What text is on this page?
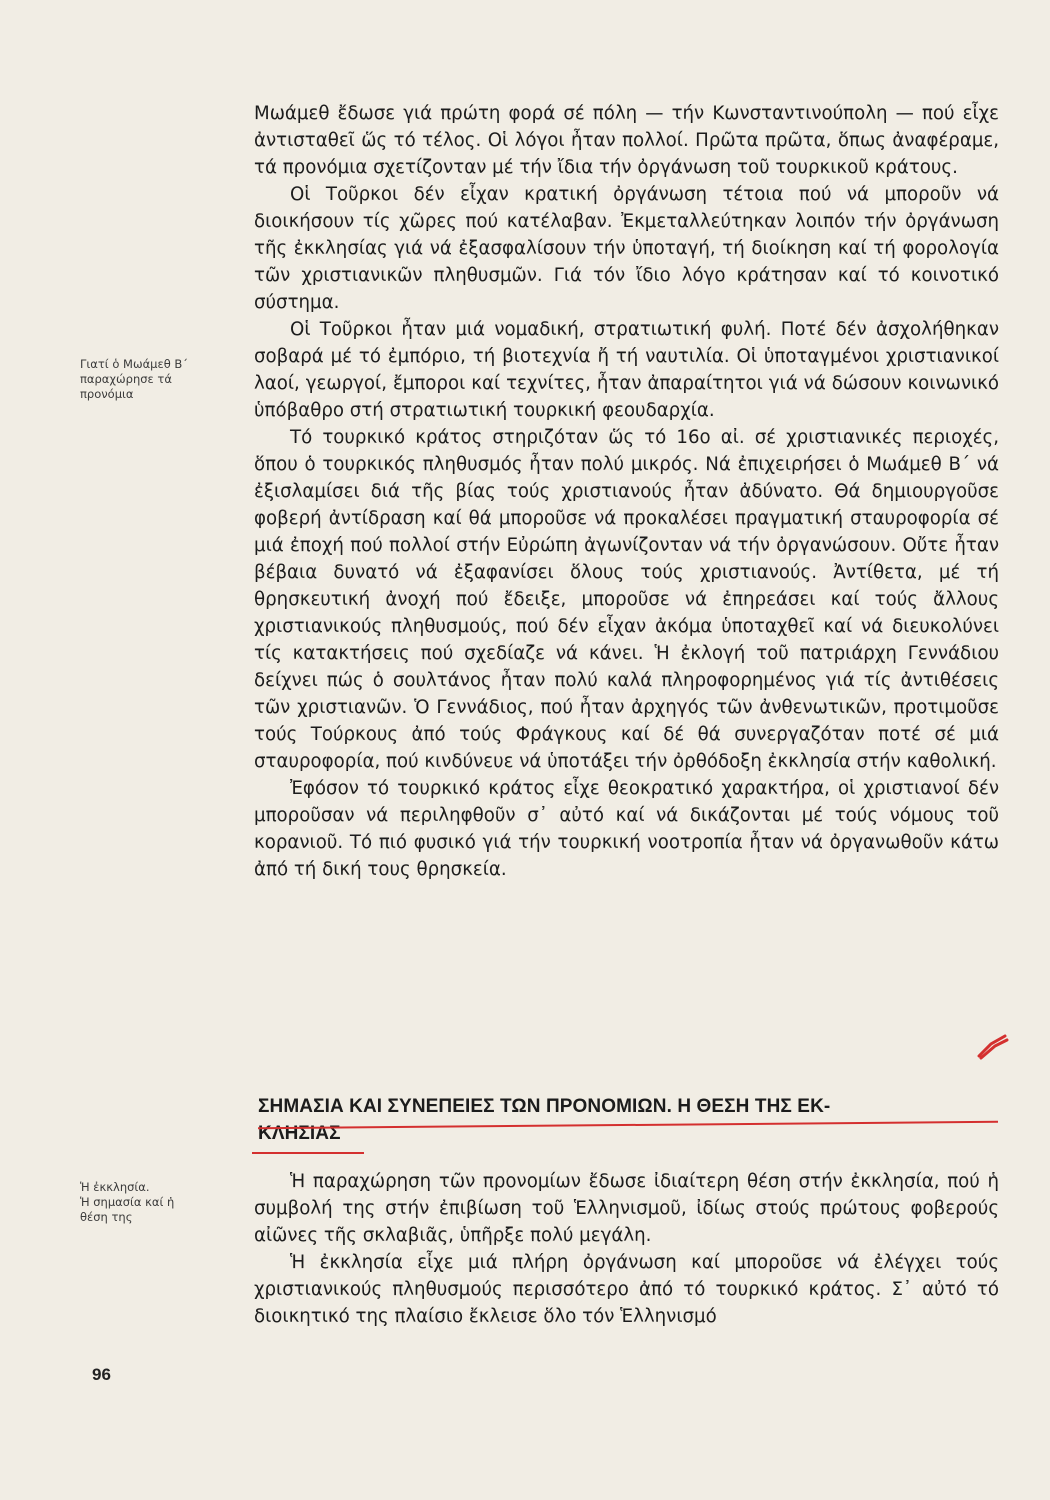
Γιατί ὁ Μωάμεθ Β΄
παραχώρησε τά
προνόμια

Ἡ ἐκκλησία.
Ἡ σημασία καί ἡ
θέση της

Μωάμεθ ἔδωσε γιά πρώτη φορά σέ πόλη — τήν Κωνσταντινούπολη — πού εἶχε ἀντισταθεῖ ὥς τό τέλος. Οἱ λόγοι ἦταν πολλοί. Πρῶτα πρῶτα, ὅπως ἀναφέραμε, τά προνόμια σχετίζονταν μέ τήν ἴδια τήν ὀργάνωση τοῦ τουρκικοῦ κράτους.

Οἱ Τοῦρκοι δέν εἶχαν κρατική ὀργάνωση τέτοια πού νά μποροῦν νά διοικήσουν τίς χῶρες πού κατέλαβαν. Ἐκμεταλλεύτηκαν λοιπόν τήν ὀργάνωση τῆς ἐκκλησίας γιά νά ἐξασφαλίσουν τήν ὑποταγή, τή διοίκηση καί τή φορολογία τῶν χριστιανικῶν πληθυσμῶν. Γιά τόν ἴδιο λόγο κράτησαν καί τό κοινοτικό σύστημα.

Οἱ Τοῦρκοι ἦταν μιά νομαδική, στρατιωτική φυλή. Ποτέ δέν ἀσχολήθηκαν σοβαρά μέ τό ἐμπόριο, τή βιοτεχνία ἤ τή ναυτιλία. Οἱ ὑποταγμένοι χριστιανικοί λαοί, γεωργοί, ἔμποροι καί τεχνίτες, ἦταν ἀπαραίτητοι γιά νά δώσουν κοινωνικό ὑπόβαθρο στή στρατιωτική τουρκική φεουδαρχία.

Τό τουρκικό κράτος στηριζόταν ὥς τό 16ο αἰ. σέ χριστιανικές περιοχές, ὅπου ὁ τουρκικός πληθυσμός ἦταν πολύ μικρός. Νά ἐπιχειρήσει ὁ Μωάμεθ Β΄ νά ἐξισλαμίσει διά τῆς βίας τούς χριστιανούς ἦταν ἀδύνατο. Θά δημιουργοῦσε φοβερή ἀντίδραση καί θά μποροῦσε νά προκαλέσει πραγματική σταυροφορία σέ μιά ἐποχή πού πολλοί στήν Εὐρώπη ἀγωνίζονταν νά τήν ὀργανώσουν. Οὔτε ἦταν βέβαια δυνατό νά ἐξαφανίσει ὅλους τούς χριστιανούς. Ἀντίθετα, μέ τή θρησκευτική ἀνοχή πού ἔδειξε, μποροῦσε νά ἐπηρεάσει καί τούς ἄλλους χριστιανικούς πληθυσμούς, πού δέν εἶχαν ἀκόμα ὑποταχθεῖ καί νά διευκολύνει τίς κατακτήσεις πού σχεδίαζε νά κάνει. Ἡ ἐκλογή τοῦ πατριάρχη Γεννάδιου δείχνει πώς ὁ σουλτάνος ἦταν πολύ καλά πληροφορημένος γιά τίς ἀντιθέσεις τῶν χριστιανῶν. Ὁ Γεννάδιος, πού ἦταν ἀρχηγός τῶν ἀνθενωτικῶν, προτιμοῦσε τούς Τούρκους ἀπό τούς Φράγκους καί δέ θά συνεργαζόταν ποτέ σέ μιά σταυροφορία, πού κινδύνευε νά ὑποτάξει τήν ὀρθόδοξη ἐκκλησία στήν καθολική.

Ἐφόσον τό τουρκικό κράτος εἶχε θεοκρατικό χαρακτήρα, οἱ χριστιανοί δέν μποροῦσαν νά περιληφθοῦν σ᾿ αὐτό καί νά δικάζονται μέ τούς νόμους τοῦ κορανιοῦ. Τό πιό φυσικό γιά τήν τουρκική νοοτροπία ἦταν νά ὀργανωθοῦν κάτω ἀπό τή δική τους θρησκεία.

ΣΗΜΑΣΙΑ ΚΑΙ ΣΥΝΕΠΕΙΕΣ ΤΩΝ ΠΡΟΝΟΜΙΩΝ. Η ΘΕΣΗ ΤΗΣ ΕΚ-
ΚΛΗΣΙΑΣ

Ἡ παραχώρηση τῶν προνομίων ἔδωσε ἰδιαίτερη θέση στήν ἐκκλησία, πού ἡ συμβολή της στήν ἐπιβίωση τοῦ Ἑλληνισμοῦ, ἰδίως στούς πρώτους φοβερούς αἰῶνες τῆς σκλαβιᾶς, ὑπῆρξε πολύ μεγάλη.

Ἡ ἐκκλησία εἶχε μιά πλήρη ὀργάνωση καί μποροῦσε νά ἐλέγχει τούς χριστιανικούς πληθυσμούς περισσότερο ἀπό τό τουρκικό κράτος. Σ᾿ αὐτό τό διοικητικό της πλαίσιο ἔκλεισε ὅλο τόν Ἑλληνισμό

96
